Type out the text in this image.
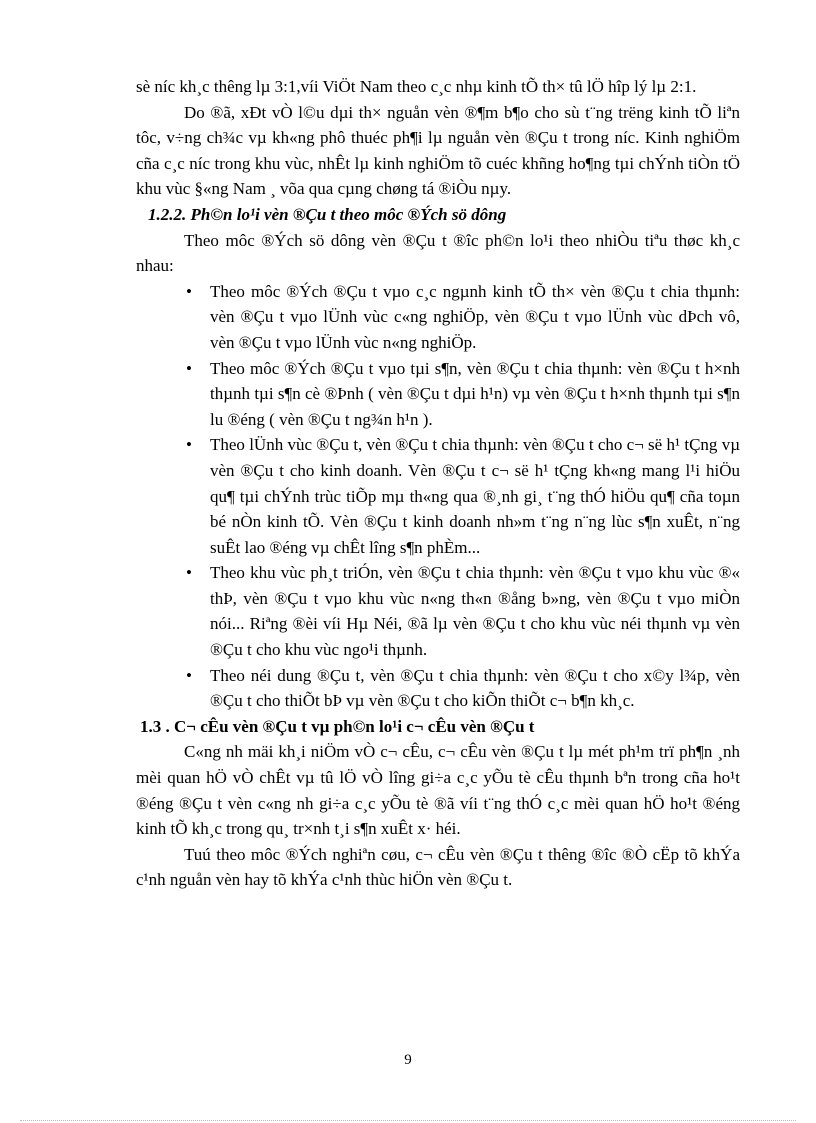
sè níc kh¸c thêng lµ 3:1,víi ViÖt Nam theo c¸c nhµ kinh tÕ th× tû lÖ hîp lý lµ 2:1.

Do ®ã, xÐt vÒ l©u dµi th× nguån vèn ®¶m b¶o cho sù t¨ng trëng kinh tÕ liªn tôc, v÷ng ch¾c vµ kh«ng phô thuéc ph¶i lµ nguån vèn ®Çu t trong níc. Kinh nghiÖm cña c¸c níc trong khu vùc, nhÊt lµ kinh nghiÖm tõ cuéc khñng ho¶ng tµi chÝnh tiÒn tÖ khu vùc §«ng Nam ¸ võa qua cµng chøng tá ®iÒu nµy.

1.2.2. Ph©n lo¹i vèn ®Çu t theo môc ®Ých sö dông

Theo môc ®Ých sö dông vèn ®Çu t ®îc ph©n lo¹i theo nhiÒu tiªu thøc kh¸c nhau:

• Theo môc ®Ých ®Çu t vµo c¸c ngµnh kinh tÕ th× vèn ®Çu t chia thµnh: vèn ®Çu t vµo lÜnh vùc c«ng nghiÖp, vèn ®Çu t vµo lÜnh vùc dÞch vô, vèn ®Çu t vµo lÜnh vùc n«ng nghiÖp.
• Theo môc ®Ých ®Çu t vµo tµi s¶n, vèn ®Çu t chia thµnh: vèn ®Çu t h×nh thµnh tµi s¶n cè ®Þnh ( vèn ®Çu t dµi h¹n) vµ vèn ®Çu t h×nh thµnh tµi s¶n lu ®éng ( vèn ®Çu t ng¾n h¹n ).
• Theo lÜnh vùc ®Çu t, vèn ®Çu t chia thµnh: vèn ®Çu t cho c¬ së h¹ tÇng vµ vèn ®Çu t cho kinh doanh. Vèn ®Çu t c¬ së h¹ tÇng kh«ng mang l¹i hiÖu qu¶ tµi chÝnh trùc tiÕp mµ th«ng qua ®¸nh gi¸ t¨ng thÓ hiÖu qu¶ cña toµn bé nÒn kinh tÕ. Vèn ®Çu t kinh doanh nh»m t¨ng n¨ng lùc s¶n xuÊt, n¨ng suÊt lao ®éng vµ chÊt lîng s¶n phÈm...
• Theo khu vùc ph¸t triÓn, vèn ®Çu t chia thµnh: vèn ®Çu t vµo khu vùc ®« thÞ, vèn ®Çu t vµo khu vùc n«ng th«n ®ång b»ng, vèn ®Çu t vµo miÒn nói... Riªng ®èi víi Hµ Néi, ®ã lµ vèn ®Çu t cho khu vùc néi thµnh vµ vèn ®Çu t cho khu vùc ngo¹i thµnh.
• Theo néi dung ®Çu t, vèn ®Çu t chia thµnh: vèn ®Çu t cho x©y l¾p, vèn ®Çu t cho thiÕt bÞ vµ vèn ®Çu t cho kiÕn thiÕt c¬ b¶n kh¸c.

1.3 . C¬ cÊu vèn ®Çu t vµ ph©n lo¹i c¬ cÊu vèn ®Çu t

C«ng nh mäi kh¸i niÖm vÒ c¬ cÊu, c¬ cÊu vèn ®Çu t lµ mét ph¹m trï ph¶n ¸nh mèi quan hÖ vÒ chÊt vµ tû lÖ vÒ lîng gi÷a c¸c yÕu tè cÊu thµnh bªn trong cña ho¹t ®éng ®Çu t vèn c«ng nh gi÷a c¸c yÕu tè ®ã víi t¨ng thÓ c¸c mèi quan hÖ ho¹t ®éng kinh tÕ kh¸c trong qu¸ tr×nh t¸i s¶n xuÊt x· héi.

Tuú theo môc ®Ých nghiªn cøu, c¬ cÊu vèn ®Çu t thêng ®îc ®Ò cËp tõ khÝa c¹nh nguån vèn hay tõ khÝa c¹nh thùc hiÖn vèn ®Çu t.

9
